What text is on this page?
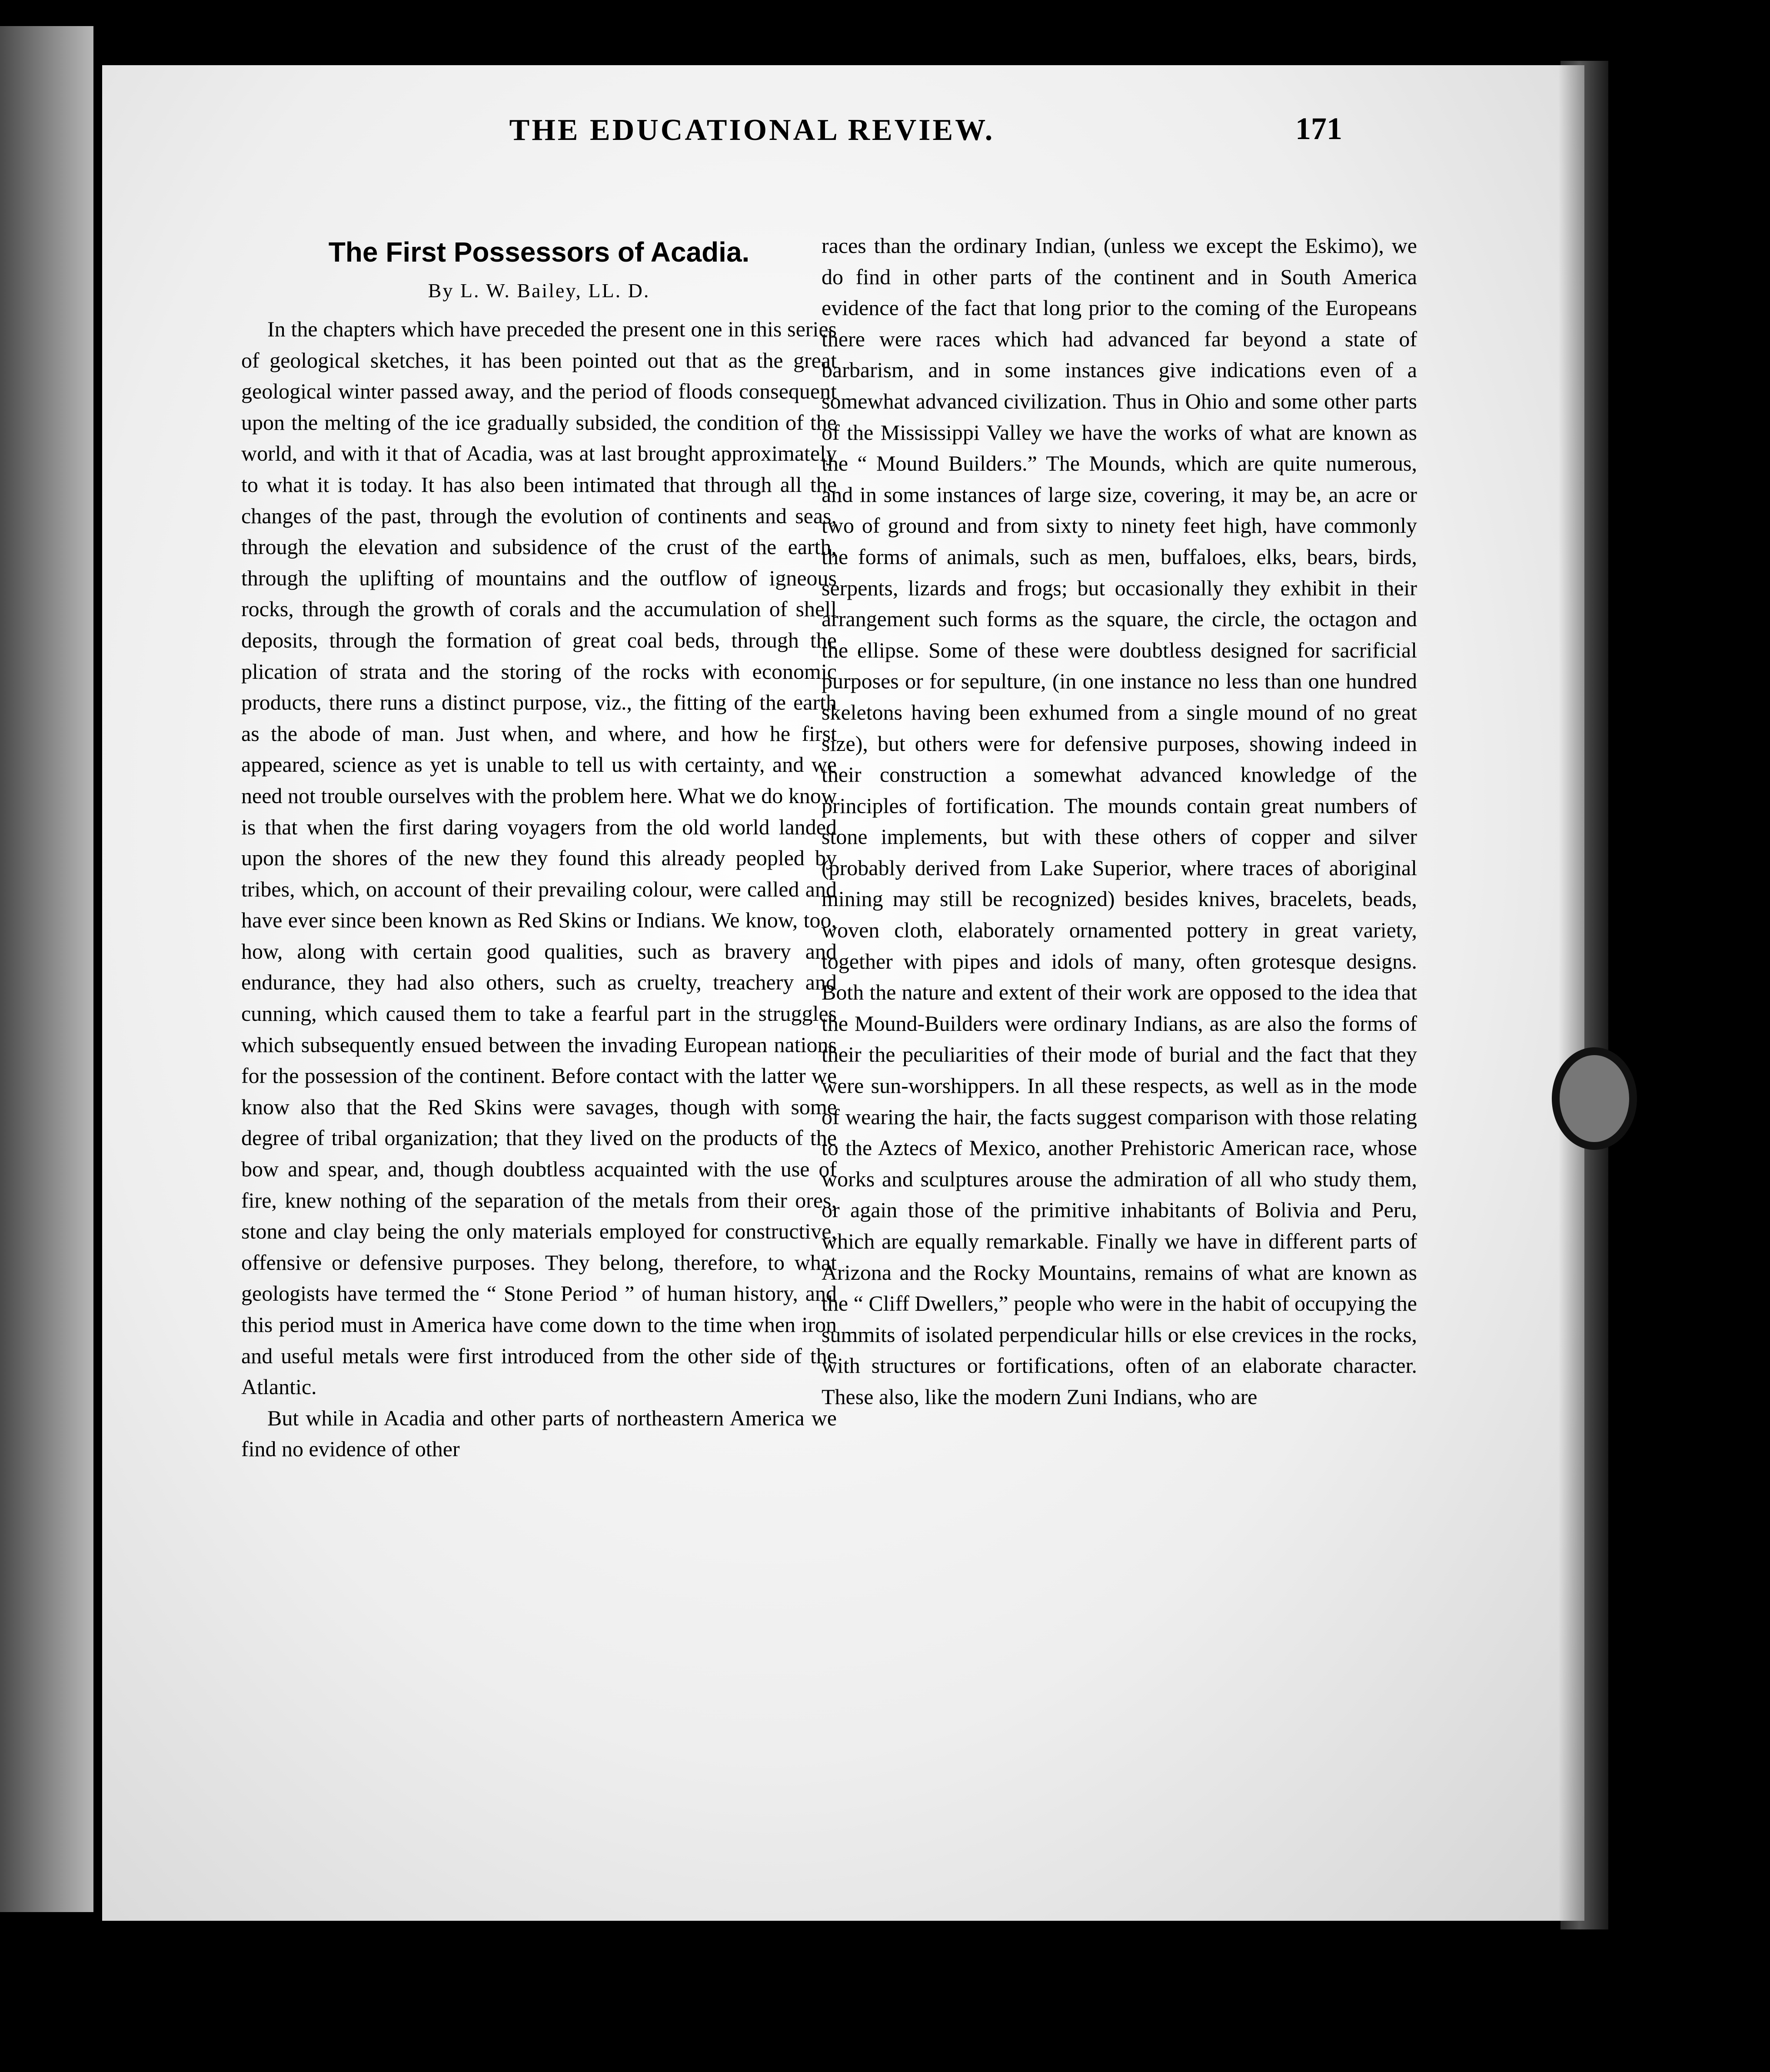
THE EDUCATIONAL REVIEW.	171
The First Possessors of Acadia.

By L. W. Bailey, LL. D.

In the chapters which have preceded the present one in this series of geological sketches, it has been pointed out that as the great geological winter passed away, and the period of floods consequent upon the melting of the ice gradually subsided, the condition of the world, and with it that of Acadia, was at last brought approximately to what it is today. It has also been intimated that through all the changes of the past, through the evolution of continents and seas, through the elevation and subsidence of the crust of the earth, through the uplifting of mountains and the outflow of igneous rocks, through the growth of corals and the accumulation of shell deposits, through the formation of great coal beds, through the plication of strata and the storing of the rocks with economic products, there runs a distinct purpose, viz., the fitting of the earth as the abode of man. Just when, and where, and how he first appeared, science as yet is unable to tell us with certainty, and we need not trouble ourselves with the problem here. What we do know is that when the first daring voyagers from the old world landed upon the shores of the new they found this already peopled by tribes, which, on account of their prevailing colour, were called and have ever since been known as Red Skins or Indians. We know, too, how, along with certain good qualities, such as bravery and endurance, they had also others, such as cruelty, treachery and cunning, which caused them to take a fearful part in the struggles which subsequently ensued between the invading European nations for the possession of the continent. Before contact with the latter we know also that the Red Skins were savages, though with some degree of tribal organization; that they lived on the products of the bow and spear, and, though doubtless acquainted with the use of fire, knew nothing of the separation of the metals from their ores, stone and clay being the only materials employed for constructive, offensive or defensive purposes. They belong, therefore, to what geologists have termed the “ Stone Period ” of human history, and this period must in America have come down to the time when iron and useful metals were first introduced from the other side of the Atlantic.

But while in Acadia and other parts of northeastern America we find no evidence of other

races than the ordinary Indian, (unless we except the Eskimo), we do find in other parts of the continent and in South America evidence of the fact that long prior to the coming of the Europeans there were races which had advanced far beyond a state of barbarism, and in some instances give indications even of a somewhat advanced civilization. Thus in Ohio and some other parts of the Mississippi Valley we have the works of what are known as the “ Mound Builders.” The Mounds, which are quite numerous, and in some instances of large size, covering, it may be, an acre or two of ground and from sixty to ninety feet high, have commonly the forms of animals, such as men, buffaloes, elks, bears, birds, serpents, lizards and frogs; but occasionally they exhibit in their arrangement such forms as the square, the circle, the octagon and the ellipse. Some of these were doubtless designed for sacrificial purposes or for sepulture, (in one instance no less than one hundred skeletons having been exhumed from a single mound of no great size), but others were for defensive purposes, showing indeed in their construction a somewhat advanced knowledge of the principles of fortification. The mounds contain great numbers of stone implements, but with these others of copper and silver (probably derived from Lake Superior, where traces of aboriginal mining may still be recognized) besides knives, bracelets, beads, woven cloth, elaborately ornamented pottery in great variety, together with pipes and idols of many, often grotesque designs. Both the nature and extent of their work are opposed to the idea that the Mound-Builders were ordinary Indians, as are also the forms of their the peculiarities of their mode of burial and the fact that they were sun-worshippers. In all these respects, as well as in the mode of wearing the hair, the facts suggest comparison with those relating to the Aztecs of Mexico, another Prehistoric American race, whose works and sculptures arouse the admiration of all who study them, or again those of the primitive inhabitants of Bolivia and Peru, which are equally remarkable. Finally we have in different parts of Arizona and the Rocky Mountains, remains of what are known as the “ Cliff Dwellers,” people who were in the habit of occupying the summits of isolated perpendicular hills or else crevices in the rocks, with structures or fortifications, often of an elaborate character. These also, like the modern Zuni Indians, who are
